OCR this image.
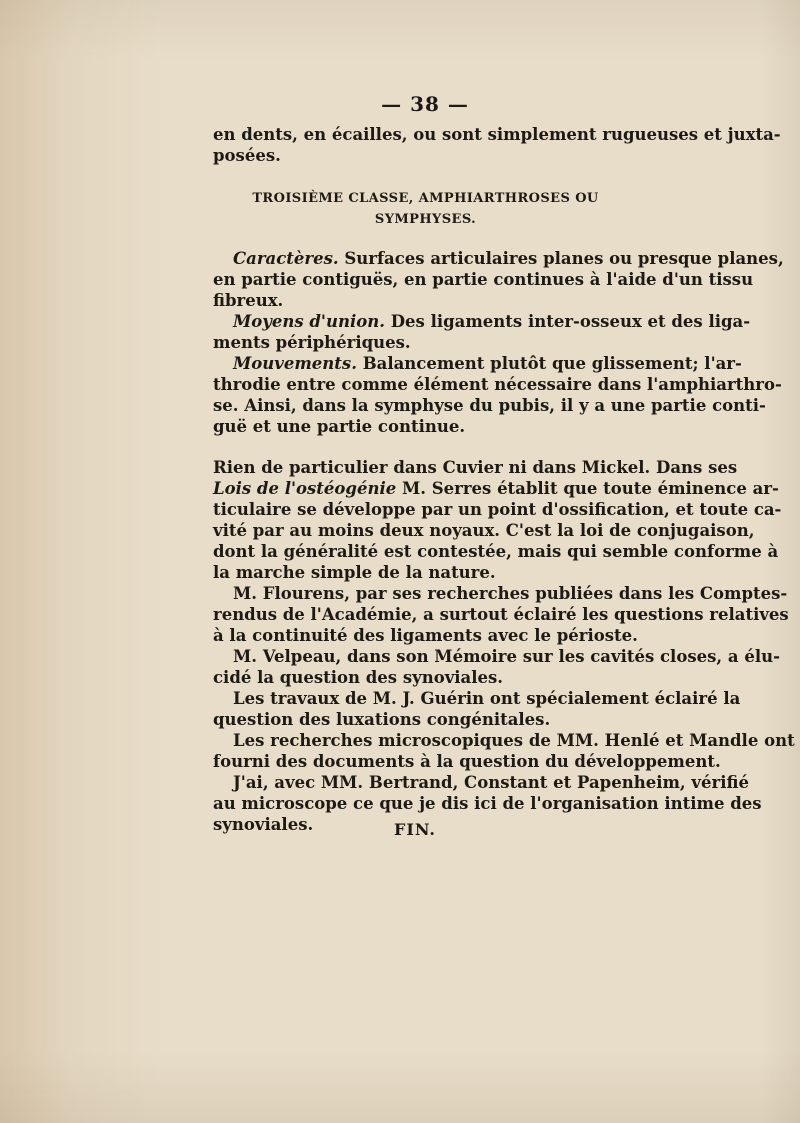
— 38 —
en dents, en écailles, ou sont simplement rugueuses et juxta-
posées.
TROISIÈME CLASSE, AMPHIARTHROSES OU SYMPHYSES.
Caractères. Surfaces articulaires planes ou presque planes,
en partie contiguës, en partie continues à l'aide d'un tissu
fibreux.
Moyens d'union. Des ligaments inter-osseux et des liga-
ments périphériques.
Mouvements. Balancement plutôt que glissement; l'ar-
throdie entre comme élément nécessaire dans l'amphiarthro-
se. Ainsi, dans la symphyse du pubis, il y a une partie conti-
guë et une partie continue.
Rien de particulier dans Cuvier ni dans Mickel. Dans ses
Lois de l'ostéogénie M. Serres établit que toute éminence ar-
ticulaire se développe par un point d'ossification, et toute ca-
vité par au moins deux noyaux. C'est la loi de conjugaison,
dont la généralité est contestée, mais qui semble conforme à
la marche simple de la nature.
M. Flourens, par ses recherches publiées dans les Comptes-
rendus de l'Académie, a surtout éclairé les questions relatives
à la continuité des ligaments avec le périoste.
M. Velpeau, dans son Mémoire sur les cavités closes, a élu-
cidé la question des synoviales.
Les travaux de M. J. Guérin ont spécialement éclairé la
question des luxations congénitales.
Les recherches microscopiques de MM. Henlé et Mandle ont
fourni des documents à la question du développement.
J'ai, avec MM. Bertrand, Constant et Papenheim, vérifié
au microscope ce que je dis ici de l'organisation intime des
synoviales.	FIN.
